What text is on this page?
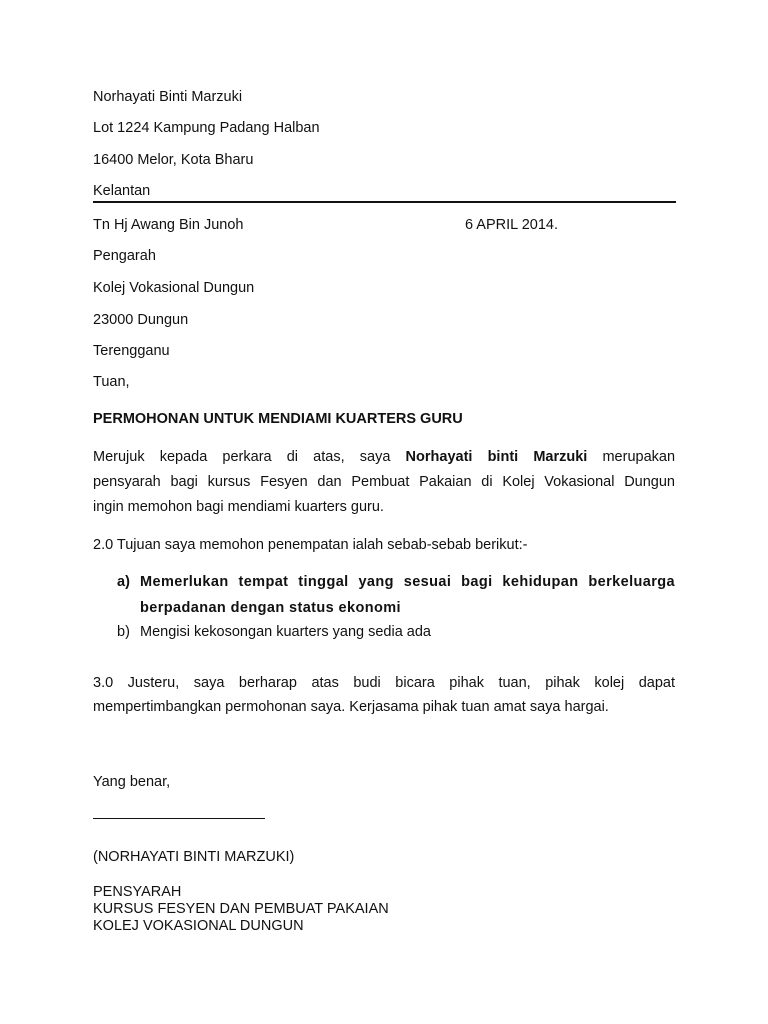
Norhayati Binti Marzuki
Lot 1224 Kampung Padang Halban
16400 Melor, Kota Bharu
Kelantan
Tn Hj Awang Bin Junoh	6 APRIL 2014.
Pengarah
Kolej Vokasional Dungun
23000 Dungun
Terengganu
Tuan,
PERMOHONAN UNTUK MENDIAMI KUARTERS GURU
Merujuk kepada perkara di atas, saya Norhayati binti Marzuki merupakan
pensyarah bagi kursus Fesyen dan Pembuat Pakaian di Kolej Vokasional Dungun
ingin memohon bagi mendiami kuarters guru.
2.0 Tujuan saya memohon penempatan ialah sebab-sebab berikut:-
a) Memerlukan tempat tinggal yang sesuai bagi kehidupan berkeluarga
berpadanan dengan status ekonomi
b) Mengisi kekosongan kuarters yang sedia ada
3.0 Justeru, saya berharap atas budi bicara pihak tuan, pihak kolej dapat
mempertimbangkan permohonan saya. Kerjasama pihak tuan amat saya hargai.
Yang benar,
(NORHAYATI BINTI MARZUKI)
PENSYARAH
KURSUS FESYEN DAN PEMBUAT PAKAIAN
KOLEJ VOKASIONAL DUNGUN
